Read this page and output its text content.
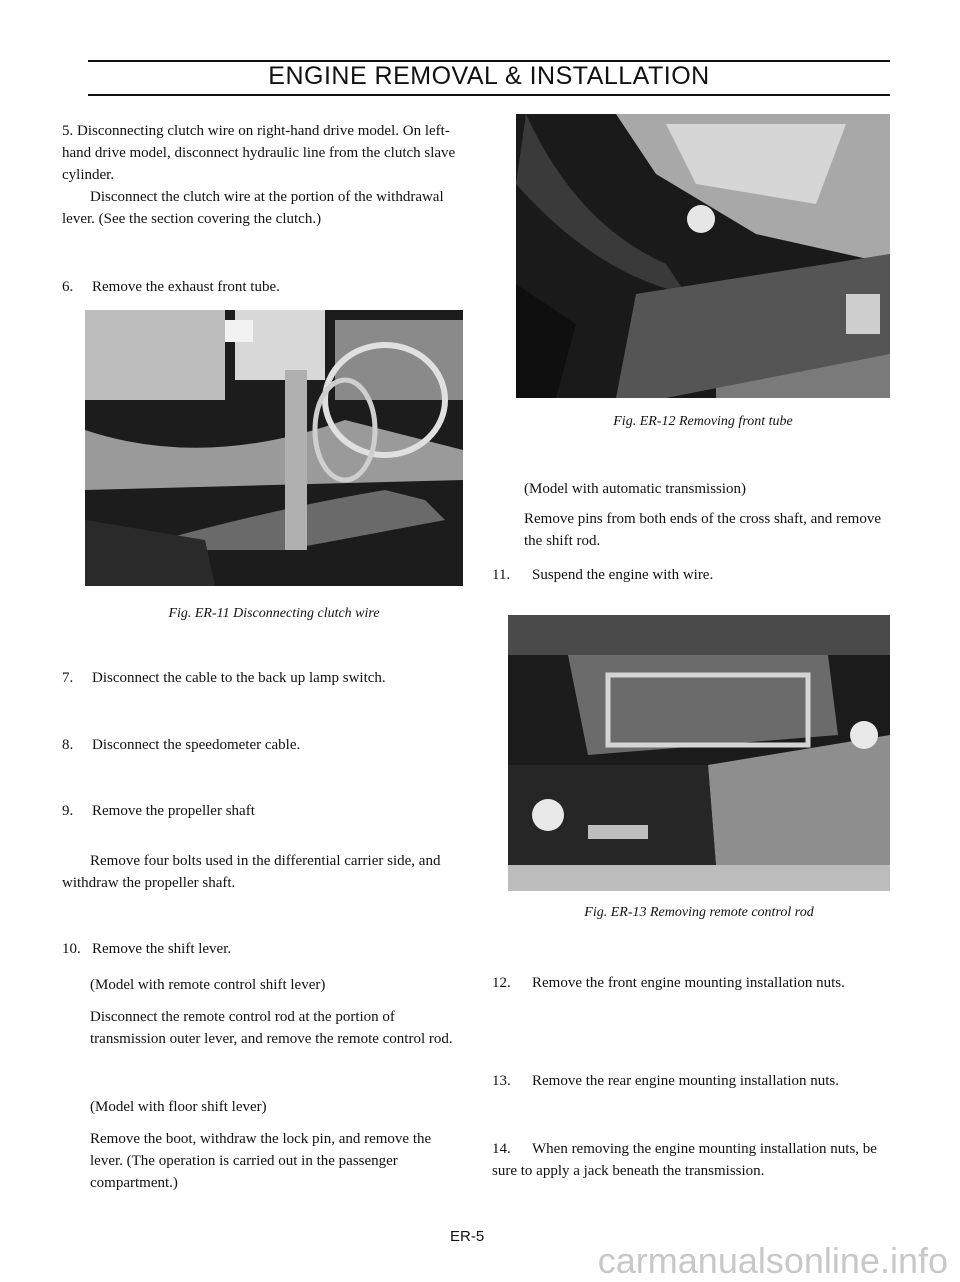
ENGINE REMOVAL & INSTALLATION
5. Disconnecting clutch wire on right-hand drive model. On left-hand drive model, disconnect hydraulic line from the clutch slave cylinder.
Disconnect the clutch wire at the portion of the withdrawal lever. (See the section covering the clutch.)
6. Remove the exhaust front tube.
Fig. ER-11 Disconnecting clutch wire
7. Disconnect the cable to the back up lamp switch.
8. Disconnect the speedometer cable.
9. Remove the propeller shaft
Remove four bolts used in the differential carrier side, and withdraw the propeller shaft.
10. Remove the shift lever.
(Model with remote control shift lever)
Disconnect the remote control rod at the portion of transmission outer lever, and remove the remote control rod.
(Model with floor shift lever)
Remove the boot, withdraw the lock pin, and remove the lever. (The operation is carried out in the passenger compartment.)
Fig. ER-12 Removing front tube
(Model with automatic transmission)
Remove pins from both ends of the cross shaft, and remove the shift rod.
11. Suspend the engine with wire.
Fig. ER-13 Removing remote control rod
12. Remove the front engine mounting installation nuts.
13. Remove the rear engine mounting installation nuts.
14. When removing the engine mounting installation nuts, be sure to apply a jack beneath the transmission.
ER-5
carmanualsonline.info
